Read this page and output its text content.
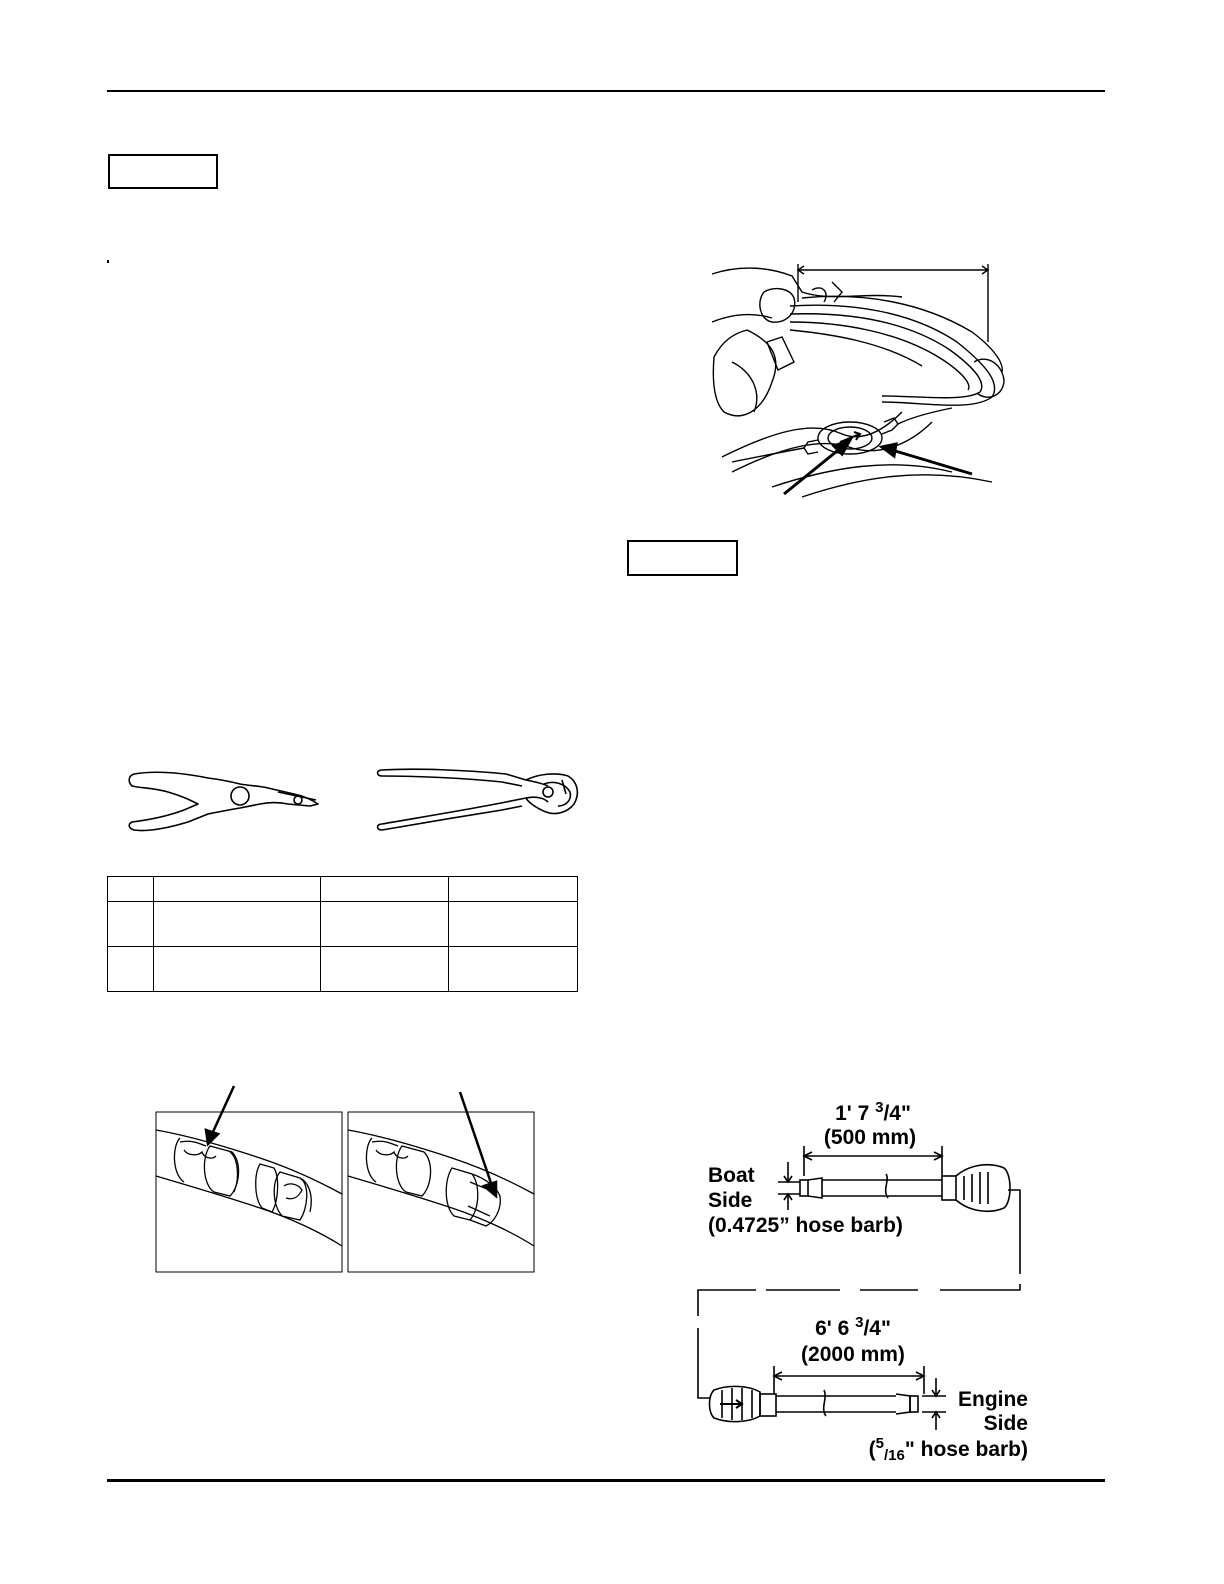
1' 7 $^3$/4"
(500 mm)
Boat
Side
(0.4725” hose barb)
6' 6 $^3$/4"
(2000 mm)
Engine
Side
($^5_{/16}$" hose barb)
